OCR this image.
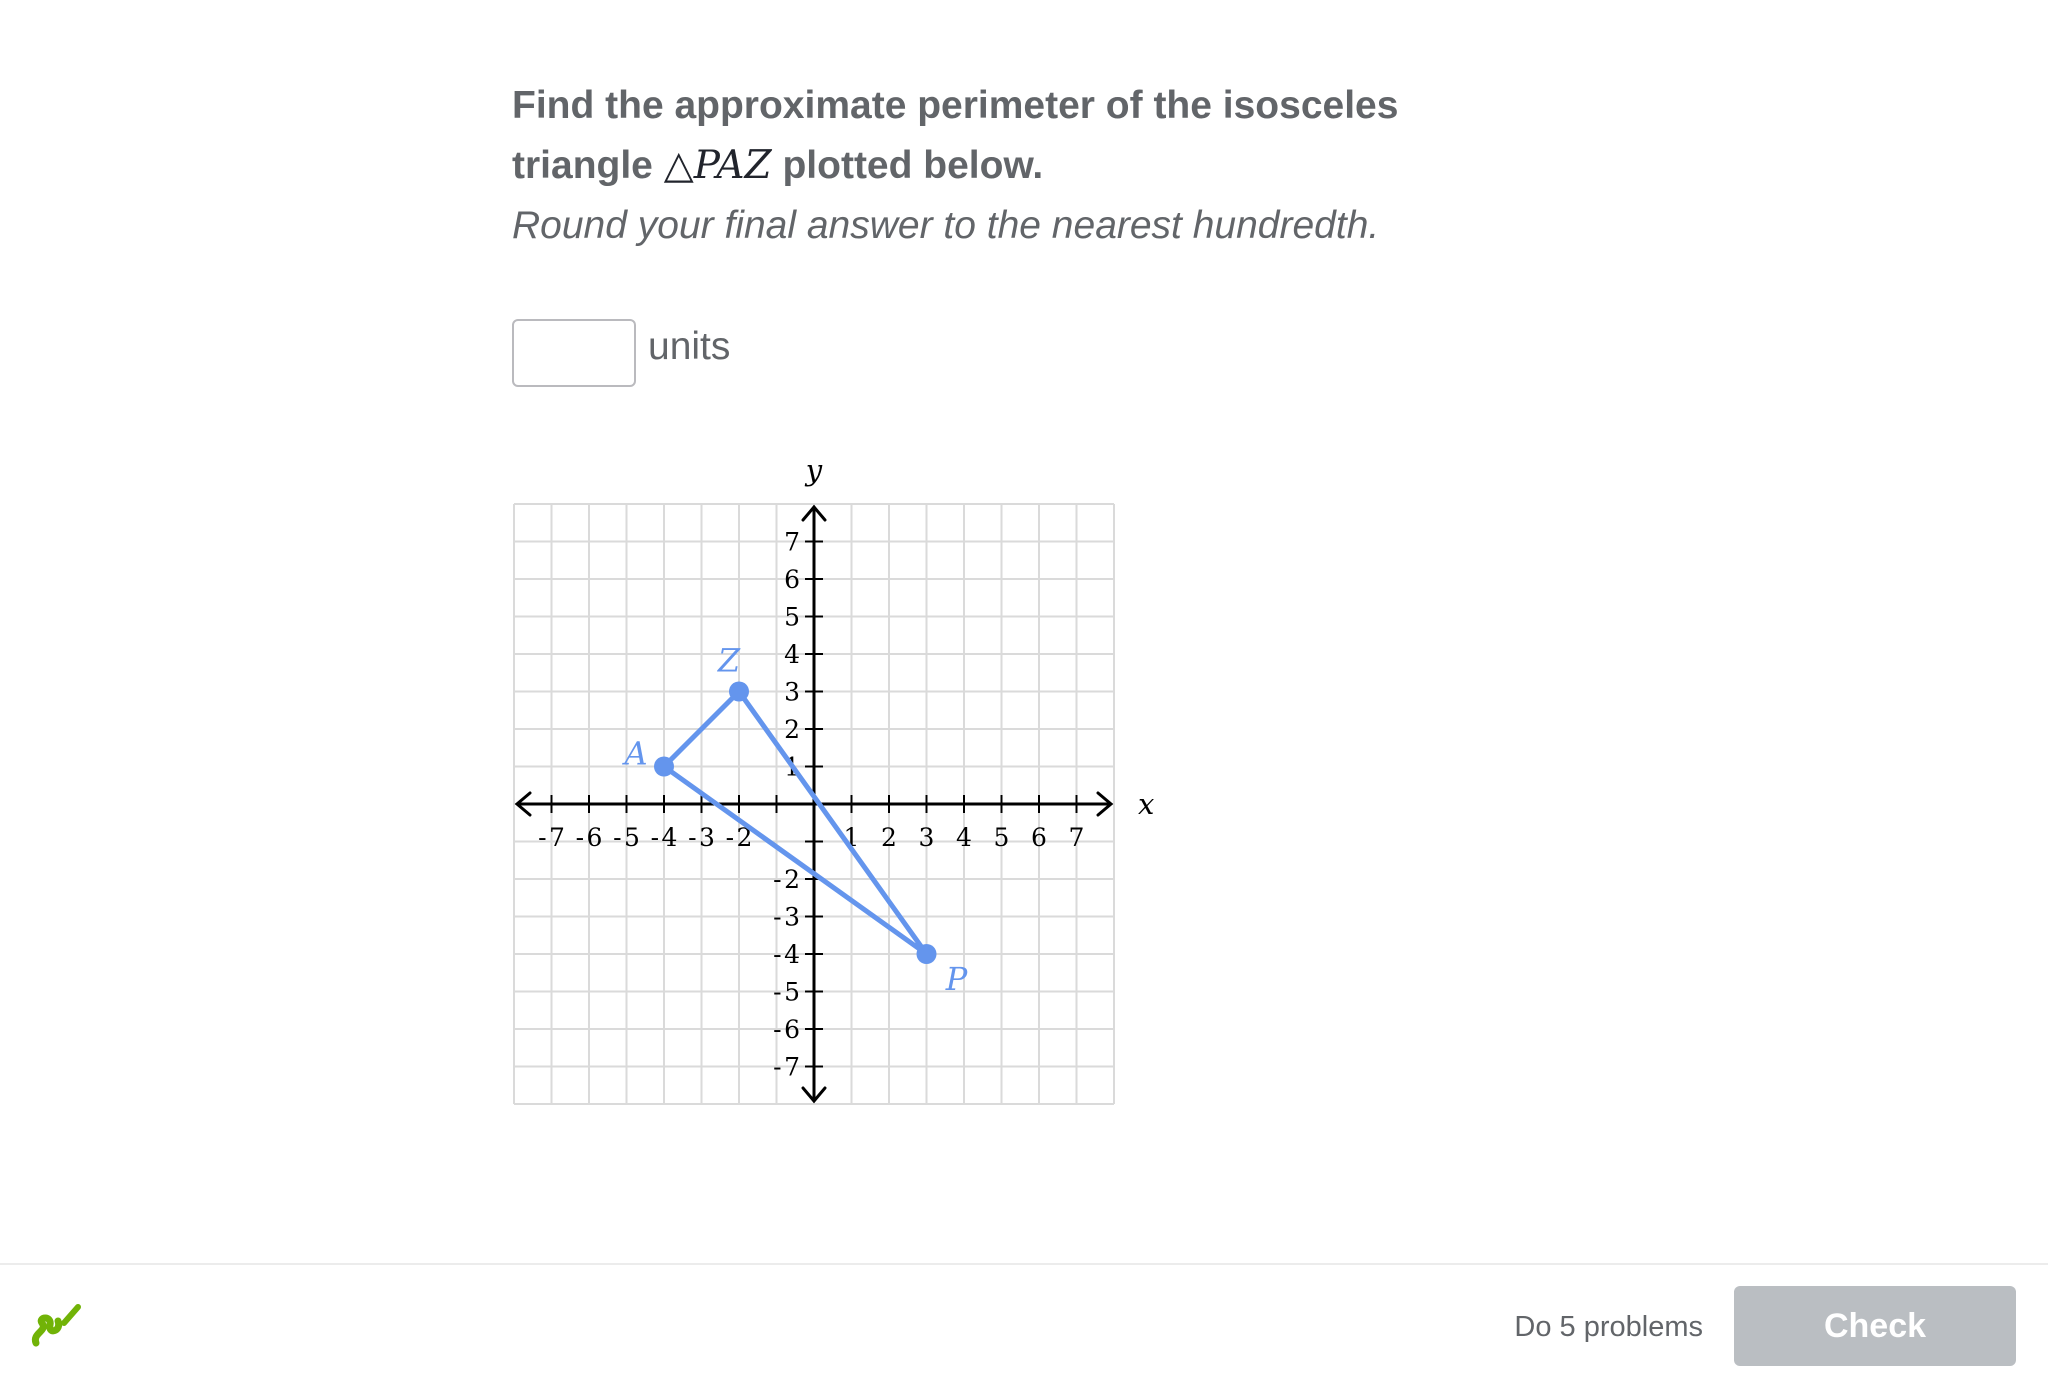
Find the approximate perimeter of the isosceles

triangle △PAZ plotted below.

Round your final answer to the nearest hundredth.

units
- 7 - 6 - 5 - 4 - 3 - 2	1 2 3 4 5 6 7
7
6
5
4
3
2
1
- 2
- 3
- 4
- 5
- 6
- 7
x
y
A
Z
P
Do 5 problems	Check
